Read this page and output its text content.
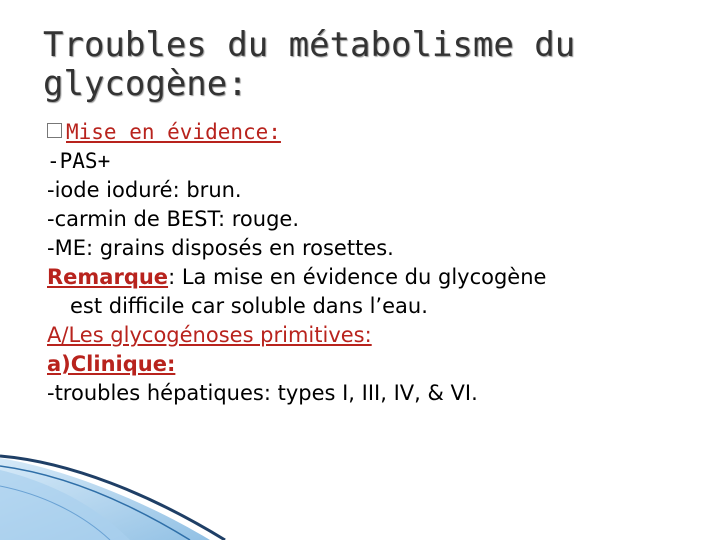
Troubles du métabolisme du
glycogène:
Mise en évidence:
-PAS+
-iode ioduré: brun.
-carmin de BEST: rouge.
-ME: grains disposés en rosettes.
Remarque: La mise en évidence du glycogène
est difficile car soluble dans l’eau.
A/Les glycogénoses primitives:
a)Clinique:
-troubles hépatiques: types I, III, IV, & VI.
